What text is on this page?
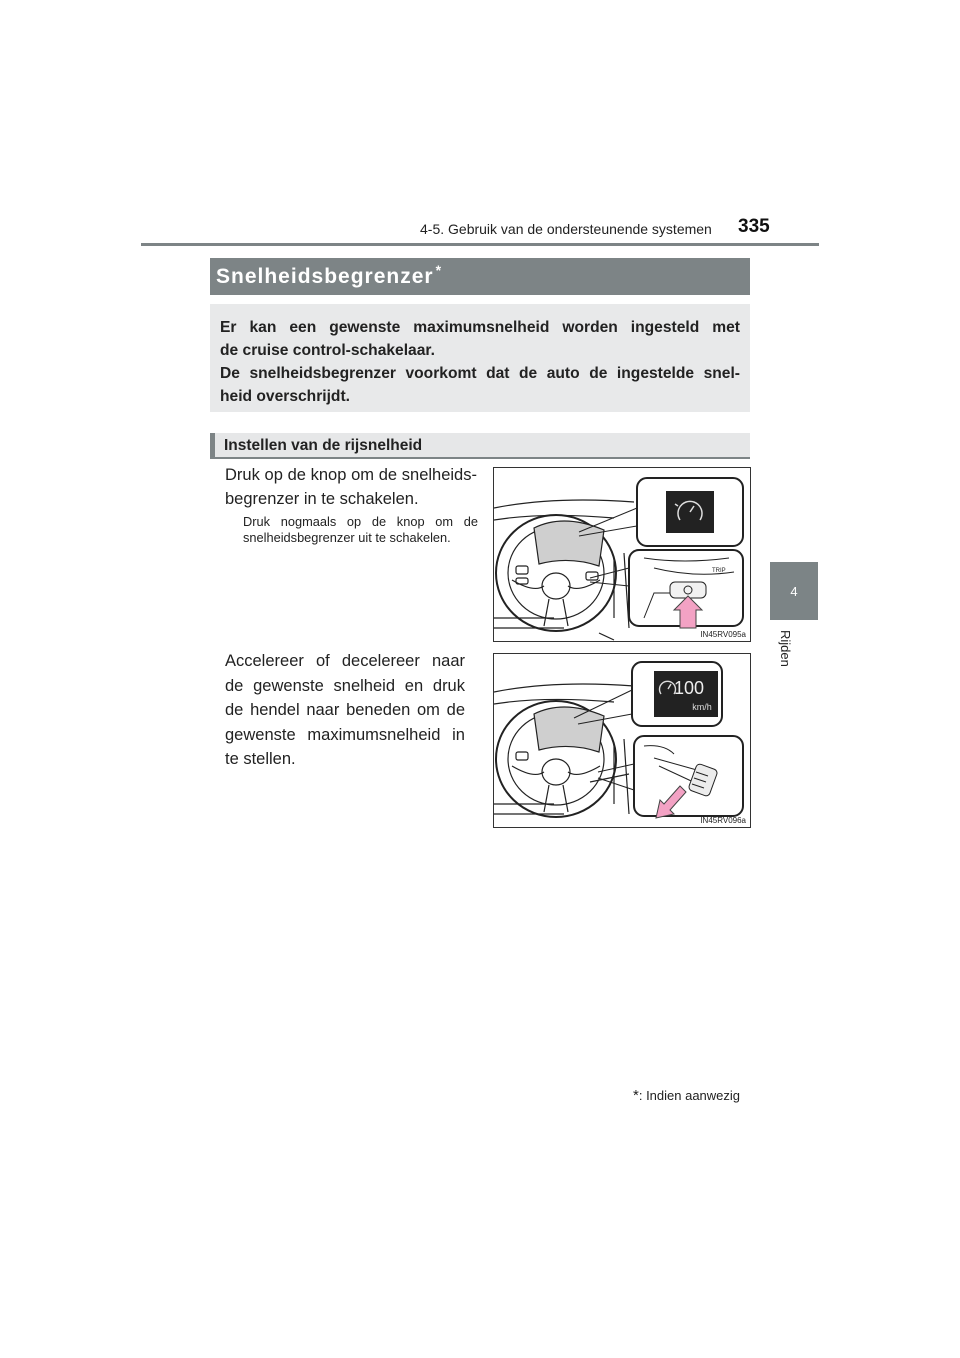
4-5. Gebruik van de ondersteunende systemen 335
4
Rijden
Snelheidsbegrenzer *
Er kan een gewenste maximumsnelheid worden ingesteld met
de cruise control-schakelaar.
De snelheidsbegrenzer voorkomt dat de auto de ingestelde snel-
heid overschrijdt.
Instellen van de rijsnelheid
Druk op de knop om de snelheidsbegrenzer in te schakelen.
Druk nogmaals op de knop om de snelheidsbegrenzer uit te schakelen.
TRIP
IN45RV095a
Accelereer of decelereer naar de gewenste snelheid en druk de hendel naar beneden om de gewenste maximumsnelheid in te stellen.
100
km/h
IN45RV096a
*: Indien aanwezig
